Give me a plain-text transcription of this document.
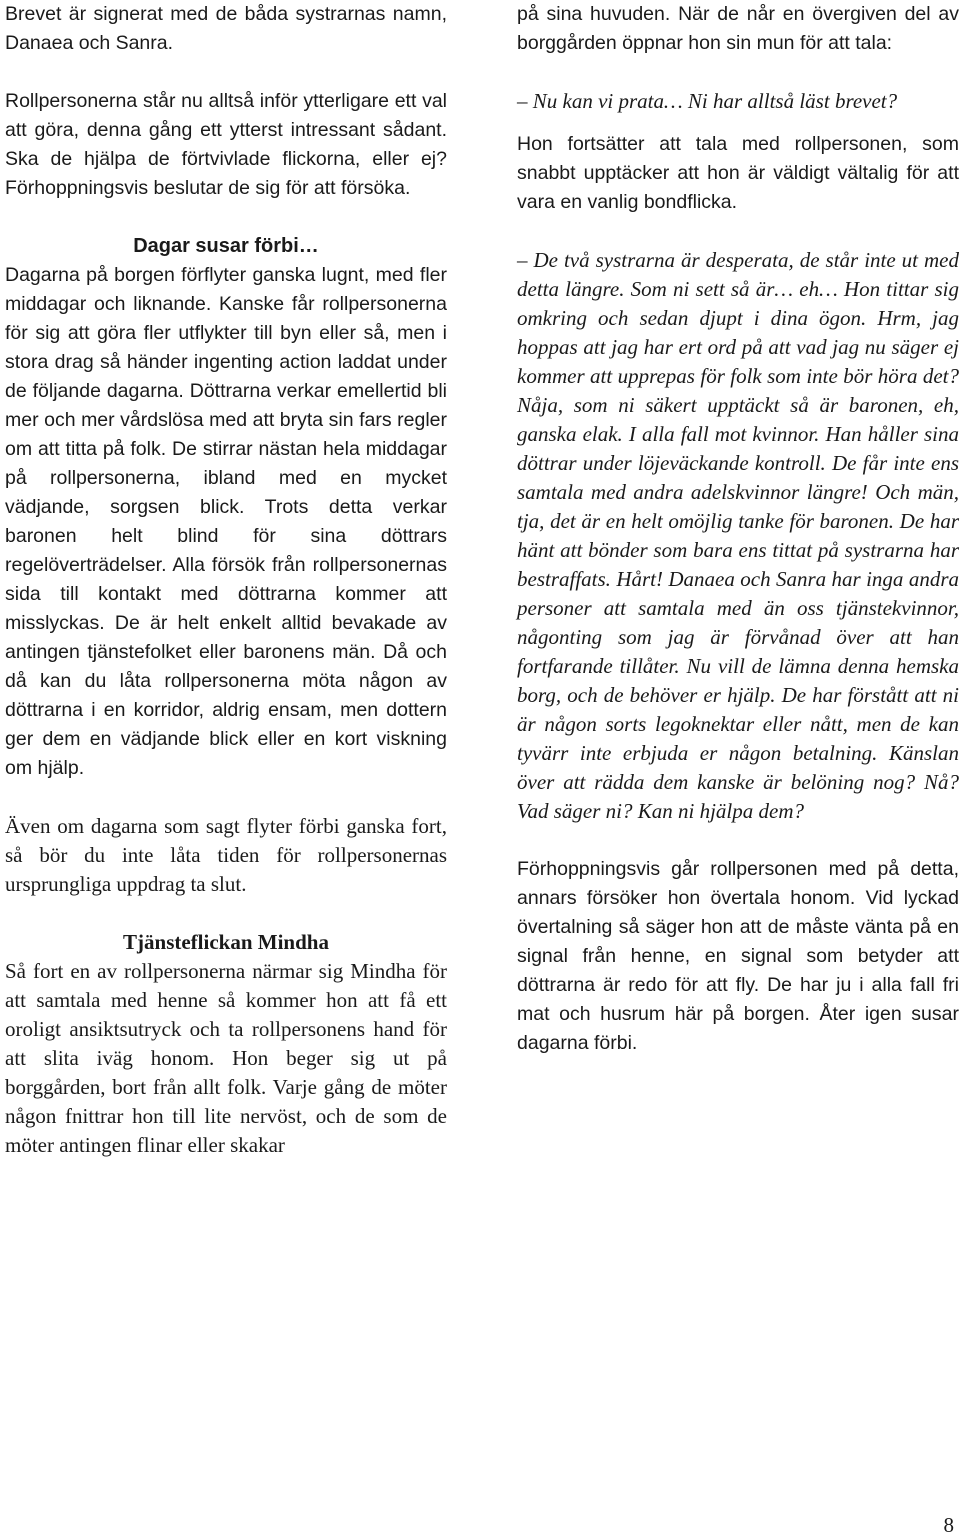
Brevet är signerat med de båda systrarnas namn, Danaea och Sanra.

Rollpersonerna står nu alltså inför ytterligare ett val att göra, denna gång ett ytterst intressant sådant. Ska de hjälpa de förtvivlade flickorna, eller ej? Förhoppningsvis beslutar de sig för att försöka.

Dagar susar förbi…

Dagarna på borgen förflyter ganska lugnt, med fler middagar och liknande. Kanske får rollpersonerna för sig att göra fler utflykter till byn eller så, men i stora drag så händer ingenting action laddat under de följande dagarna. Döttrarna verkar emellertid bli mer och mer vårdslösa med att bryta sin fars regler om att titta på folk. De stirrar nästan hela middagar på rollpersonerna, ibland med en mycket vädjande, sorgsen blick. Trots detta verkar baronen helt blind för sina döttrars regelöverträdelser. Alla försök från rollpersonernas sida till kontakt med döttrarna kommer att misslyckas. De är helt enkelt alltid bevakade av antingen tjänstefolket eller baronens män. Då och då kan du låta rollpersonerna möta någon av döttrarna i en korridor, aldrig ensam, men dottern ger dem en vädjande blick eller en kort viskning om hjälp.

Även om dagarna som sagt flyter förbi ganska fort, så bör du inte låta tiden för rollpersonernas ursprungliga uppdrag ta slut.

Tjänsteflickan Mindha

Så fort en av rollpersonerna närmar sig Mindha för att samtala med henne så kommer hon att få ett oroligt ansiktsutryck och ta rollpersonens hand för att slita iväg honom. Hon beger sig ut på borggården, bort från allt folk. Varje gång de möter någon fnittrar hon till lite nervöst, och de som de möter antingen flinar eller skakar

på sina huvuden. När de når en övergiven del av borggården öppnar hon sin mun för att tala:

– Nu kan vi prata… Ni har alltså läst brevet?

Hon fortsätter att tala med rollpersonen, som snabbt upptäcker att hon är väldigt vältalig för att vara en vanlig bondflicka.

– De två systrarna är desperata, de står inte ut med detta längre. Som ni sett så är… eh… Hon tittar sig omkring och sedan djupt i dina ögon. Hrm, jag hoppas att jag har ert ord på att vad jag nu säger ej kommer att upprepas för folk som inte bör höra det? Nåja, som ni säkert upptäckt så är baronen, eh, ganska elak. I alla fall mot kvinnor. Han håller sina döttrar under löjeväckande kontroll. De får inte ens samtala med andra adelskvinnor längre! Och män, tja, det är en helt omöjlig tanke för baronen. De har hänt att bönder som bara ens tittat på systrarna har bestraffats. Hårt! Danaea och Sanra har inga andra personer att samtala med än oss tjänstekvinnor, någonting som jag är förvånad över att han fortfarande tillåter. Nu vill de lämna denna hemska borg, och de behöver er hjälp. De har förstått att ni är någon sorts legoknektar eller nått, men de kan tyvärr inte erbjuda er någon betalning. Känslan över att rädda dem kanske är belöning nog? Nå? Vad säger ni? Kan ni hjälpa dem?

Förhoppningsvis går rollpersonen med på detta, annars försöker hon övertala honom. Vid lyckad övertalning så säger hon att de måste vänta på en signal från henne, en signal som betyder att döttrarna är redo för att fly. De har ju i alla fall fri mat och husrum här på borgen. Åter igen susar dagarna förbi.

8
